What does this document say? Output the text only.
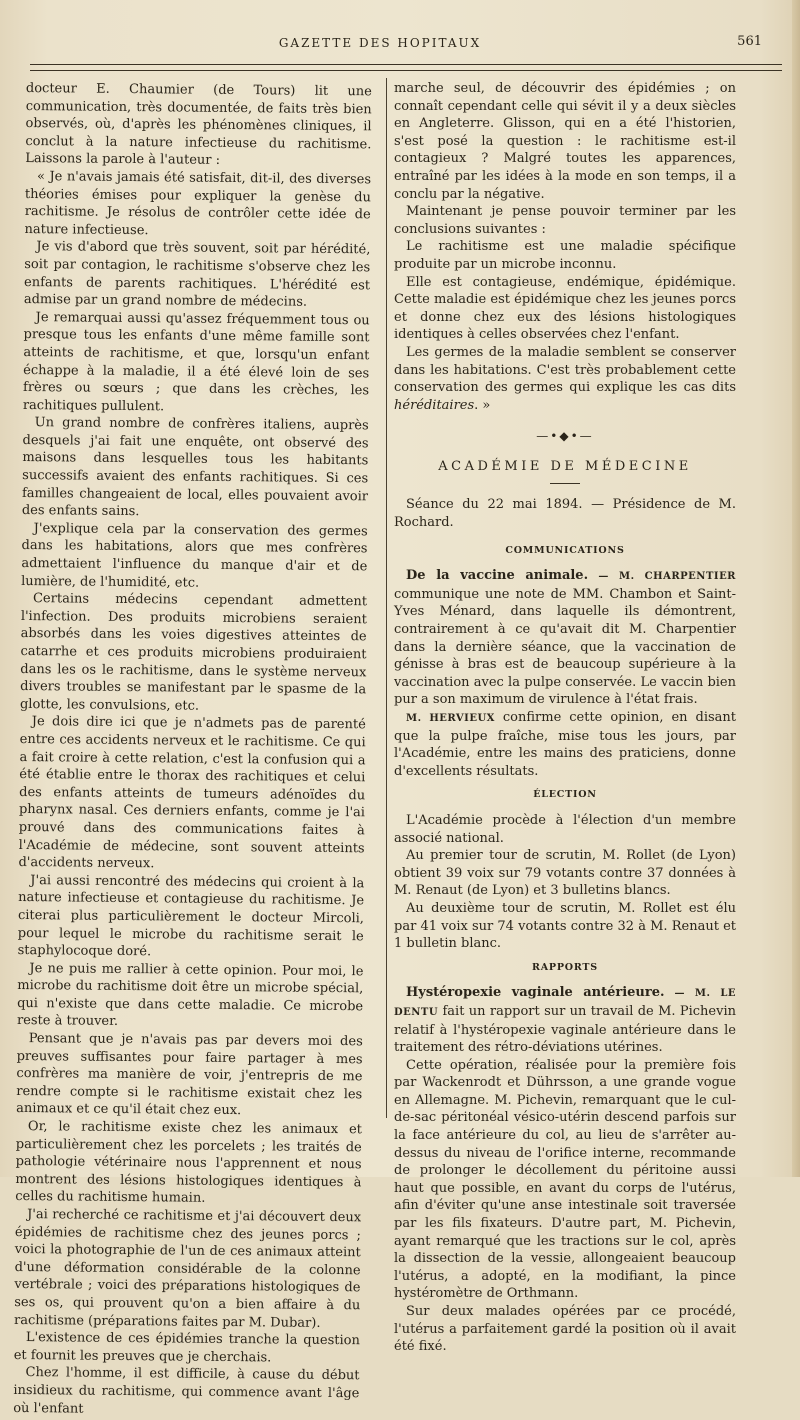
GAZETTE DES HOPITAUX	561

docteur E. Chaumier (de Tours) lit une communication, très documentée, de faits très bien observés, où, d'après les phénomènes cliniques, il conclut à la nature infectieuse du rachitisme. Laissons la parole à l'auteur :

« Je n'avais jamais été satisfait, dit-il, des diverses théories émises pour expliquer la genèse du rachitisme. Je résolus de contrôler cette idée de nature infectieuse.

Je vis d'abord que très souvent, soit par hérédité, soit par contagion, le rachitisme s'observe chez les enfants de parents rachitiques. L'hérédité est admise par un grand nombre de médecins.

Je remarquai aussi qu'assez fréquemment tous ou presque tous les enfants d'une même famille sont atteints de rachitisme, et que, lorsqu'un enfant échappe à la maladie, il a été élevé loin de ses frères ou sœurs ; que dans les crèches, les rachitiques pullulent.

Un grand nombre de confrères italiens, auprès desquels j'ai fait une enquête, ont observé des maisons dans lesquelles tous les habitants successifs avaient des enfants rachitiques. Si ces familles changeaient de local, elles pouvaient avoir des enfants sains.

J'explique cela par la conservation des germes dans les habitations, alors que mes confrères admettaient l'influence du manque d'air et de lumière, de l'humidité, etc.

Certains médecins cependant admettent l'infection. Des produits microbiens seraient absorbés dans les voies digestives atteintes de catarrhe et ces produits microbiens produiraient dans les os le rachitisme, dans le système nerveux divers troubles se manifestant par le spasme de la glotte, les convulsions, etc.

Je dois dire ici que je n'admets pas de parenté entre ces accidents nerveux et le rachitisme. Ce qui a fait croire à cette relation, c'est la confusion qui a été établie entre le thorax des rachitiques et celui des enfants atteints de tumeurs adénoïdes du pharynx nasal. Ces derniers enfants, comme je l'ai prouvé dans des communications faites à l'Académie de médecine, sont souvent atteints d'accidents nerveux.

J'ai aussi rencontré des médecins qui croient à la nature infectieuse et contagieuse du rachitisme. Je citerai plus particulièrement le docteur Mircoli, pour lequel le microbe du rachitisme serait le staphylocoque doré.

Je ne puis me rallier à cette opinion. Pour moi, le microbe du rachitisme doit être un microbe spécial, qui n'existe que dans cette maladie. Ce microbe reste à trouver.

Pensant que je n'avais pas par devers moi des preuves suffisantes pour faire partager à mes confrères ma manière de voir, j'entrepris de me rendre compte si le rachitisme existait chez les animaux et ce qu'il était chez eux.

Or, le rachitisme existe chez les animaux et particulièrement chez les porcelets ; les traités de pathologie vétérinaire nous l'apprennent et nous montrent des lésions histologiques identiques à celles du rachitisme humain.

J'ai recherché ce rachitisme et j'ai découvert deux épidémies de rachitisme chez des jeunes porcs ; voici la photographie de l'un de ces animaux atteint d'une déformation considérable de la colonne vertébrale ; voici des préparations histologiques de ses os, qui prouvent qu'on a bien affaire à du rachitisme (préparations faites par M. Dubar).

L'existence de ces épidémies tranche la question et fournit les preuves que je cherchais.

Chez l'homme, il est difficile, à cause du début insidieux du rachitisme, qui commence avant l'âge où l'enfant

marche seul, de découvrir des épidémies ; on connaît cependant celle qui sévit il y a deux siècles en Angleterre. Glisson, qui en a été l'historien, s'est posé la question : le rachitisme est-il contagieux ? Malgré toutes les apparences, entraîné par les idées à la mode en son temps, il a conclu par la négative.

Maintenant je pense pouvoir terminer par les conclusions suivantes :

Le rachitisme est une maladie spécifique produite par un microbe inconnu.

Elle est contagieuse, endémique, épidémique. Cette maladie est épidémique chez les jeunes porcs et donne chez eux des lésions histologiques identiques à celles observées chez l'enfant.

Les germes de la maladie semblent se conserver dans les habitations. C'est très probablement cette conservation des germes qui explique les cas dits héréditaires. »

—•◆•—
ACADÉMIE DE MÉDECINE

Séance du 22 mai 1894. — Présidence de M. Rochard.

COMMUNICATIONS

De la vaccine animale. — M. CHARPENTIER communique une note de MM. Chambon et Saint-Yves Ménard, dans laquelle ils démontrent, contrairement à ce qu'avait dit M. Charpentier dans la dernière séance, que la vaccination de génisse à bras est de beaucoup supérieure à la vaccination avec la pulpe conservée. Le vaccin bien pur a son maximum de virulence à l'état frais.

M. HERVIEUX confirme cette opinion, en disant que la pulpe fraîche, mise tous les jours, par l'Académie, entre les mains des praticiens, donne d'excellents résultats.

ÉLECTION

L'Académie procède à l'élection d'un membre associé national.

Au premier tour de scrutin, M. Rollet (de Lyon) obtient 39 voix sur 79 votants contre 37 données à M. Renaut (de Lyon) et 3 bulletins blancs.

Au deuxième tour de scrutin, M. Rollet est élu par 41 voix sur 74 votants contre 32 à M. Renaut et 1 bulletin blanc.

RAPPORTS

Hystéropexie vaginale antérieure. — M. LE DENTU fait un rapport sur un travail de M. Pichevin relatif à l'hystéropexie vaginale antérieure dans le traitement des rétro-déviations utérines.

Cette opération, réalisée pour la première fois par Wackenrodt et Dührsson, a une grande vogue en Allemagne. M. Pichevin, remarquant que le cul-de-sac péritonéal vésico-utérin descend parfois sur la face antérieure du col, au lieu de s'arrêter au-dessus du niveau de l'orifice interne, recommande de prolonger le décollement du péritoine aussi haut que possible, en avant du corps de l'utérus, afin d'éviter qu'une anse intestinale soit traversée par les fils fixateurs. D'autre part, M. Pichevin, ayant remarqué que les tractions sur le col, après la dissection de la vessie, allongeaient beaucoup l'utérus, a adopté, en la modifiant, la pince hystéromètre de Orthmann.

Sur deux malades opérées par ce procédé, l'utérus a parfaitement gardé la position où il avait été fixé.
